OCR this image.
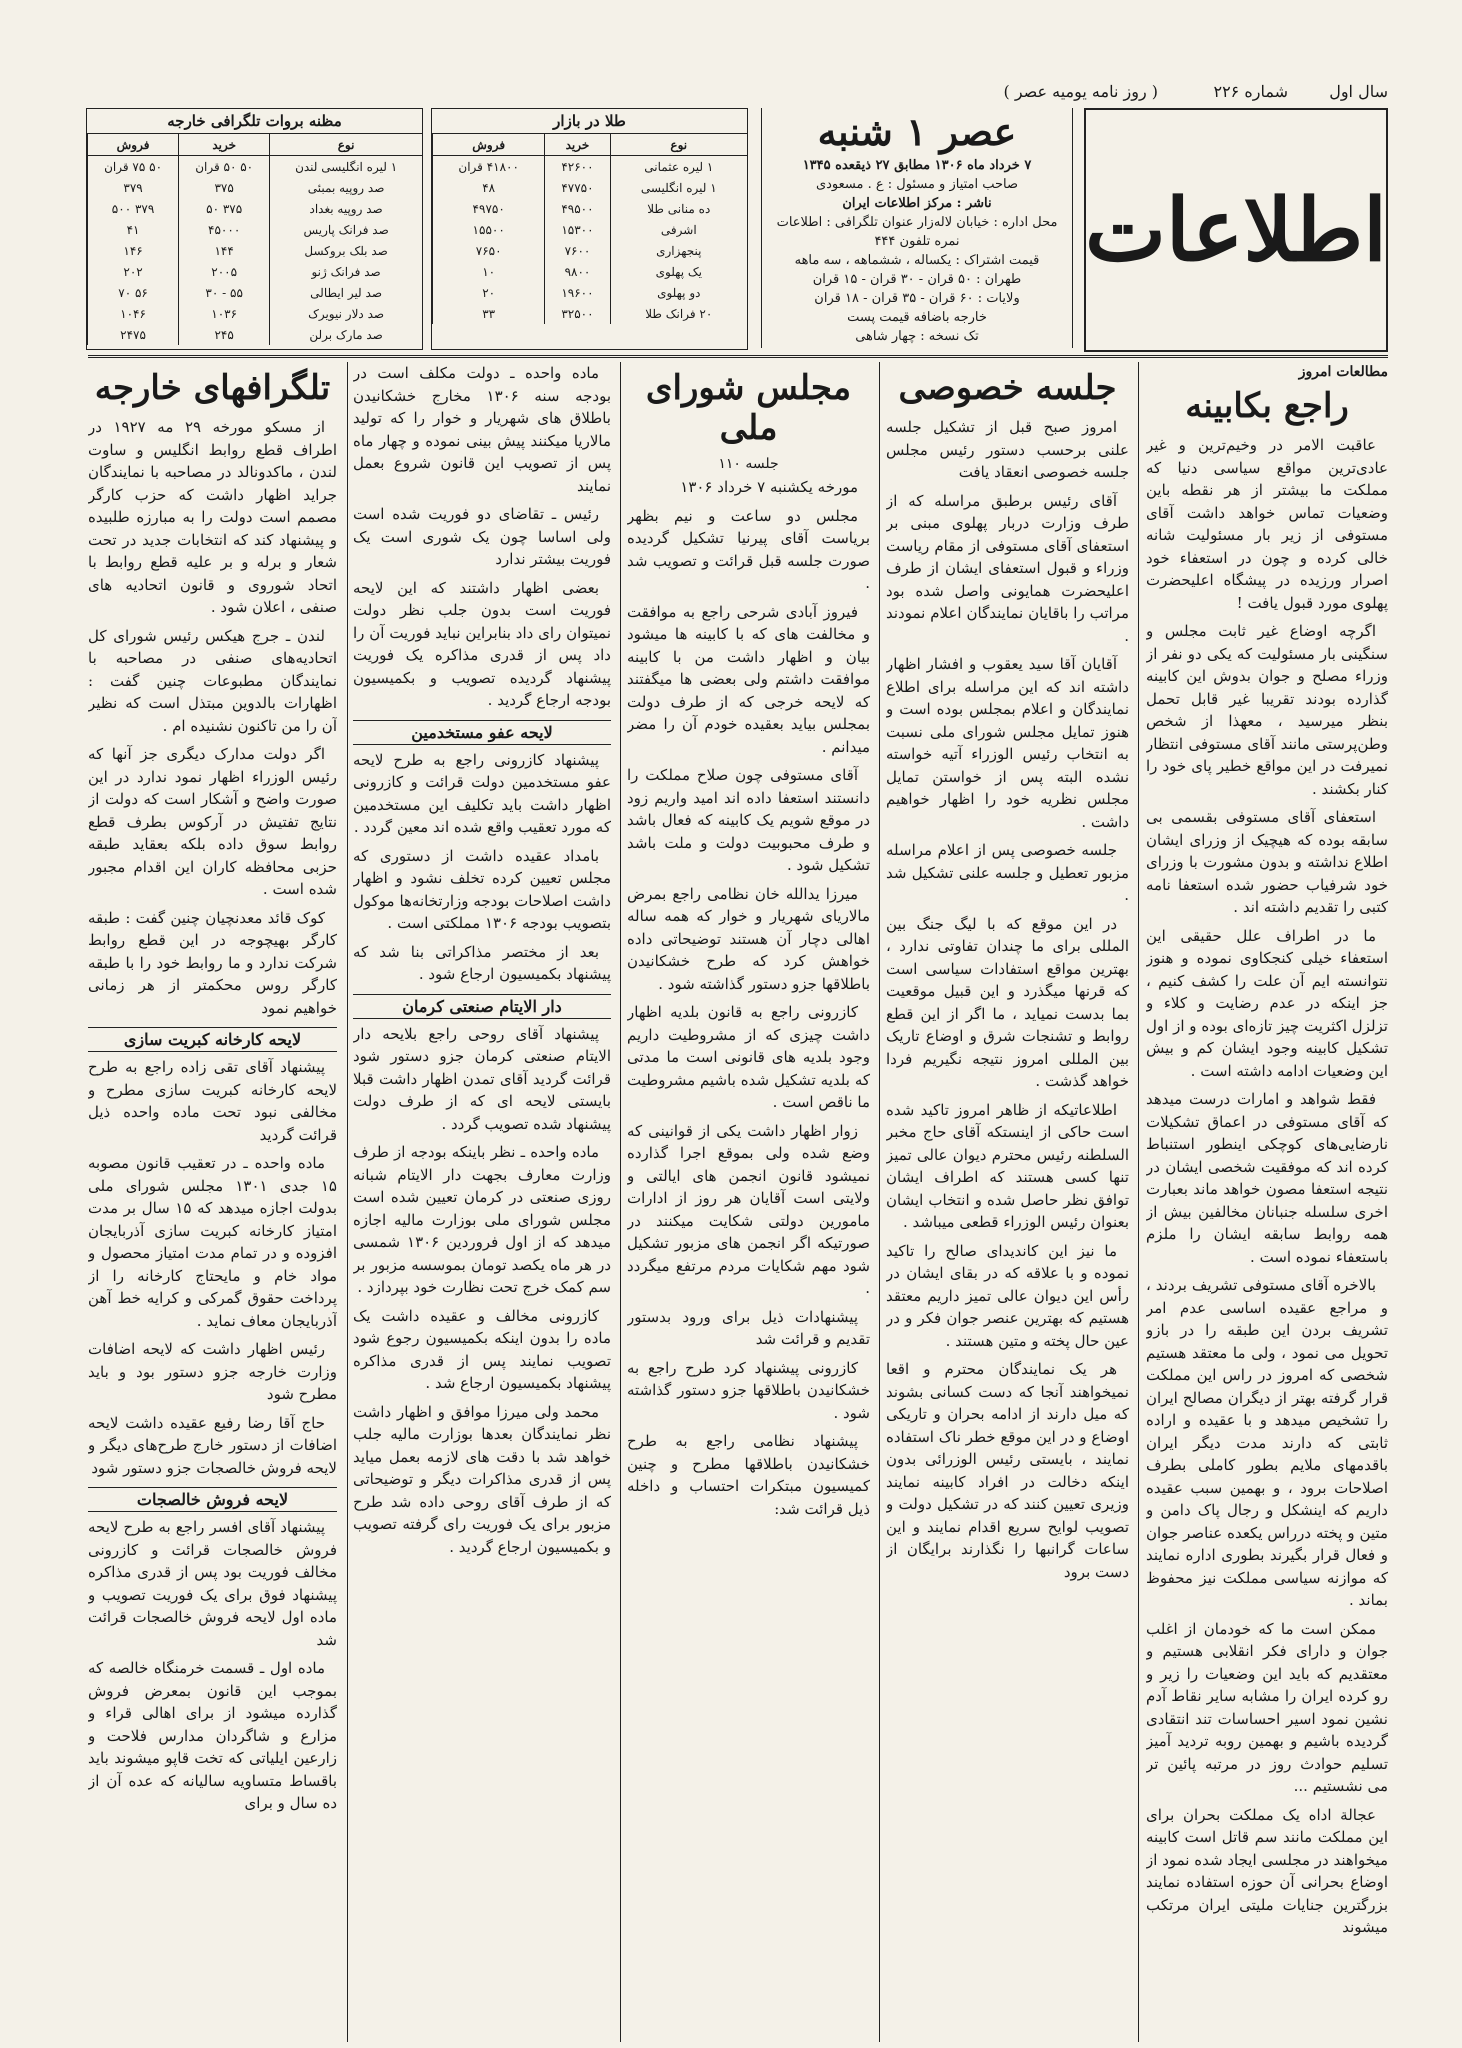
سال اول
شماره ۲۲۶
( روز نامه یومیه عصر )
اطلاعات
عصر ۱ شنبه
۷ خرداد ماه ۱۳۰۶ مطابق ۲۷ ذیقعده ۱۳۴۵
صاحب امتیاز و مسئول : ع . مسعودی
ناشر : مرکز اطلاعات ایران
محل اداره : خیابان لاله‌زار عنوان تلگرافی : اطلاعات
نمره تلفون ۴۴۴
قیمت اشتراک : یکساله ، ششماهه ، سه ماهه
طهران : ۵۰ قران - ۳۰ قران - ۱۵ قران
ولایات : ۶۰ قران - ۳۵ قران - ۱۸ قران
خارجه باضافه قیمت پست
تک نسخه : چهار شاهی
طلا در بازار
نوع	خرید	فروش
۱ لیره عثمانی	۴۲۶۰۰	۴۱۸۰۰ قران
۱ لیره انگلیسی	۴۷۷۵۰	۴۸
ده منانی طلا	۴۹۵۰۰	۴۹۷۵۰
اشرفی	۱۵۳۰۰	۱۵۵۰۰
پنجهزاری	۷۶۰۰	۷۶۵۰
یک پهلوی	۹۸۰۰	۱۰
دو پهلوی	۱۹۶۰۰	۲۰
۲۰ فرانک طلا	۳۲۵۰۰	۳۳
مظنه بروات تلگرافی خارجه
نوع	خرید	فروش
۱ لیره انگلیسی لندن	۵۰ ۵۰ قران	۵۰ ۷۵ قران
صد روپیه بمبئی	۳۷۵	۳۷۹
صد روپیه بغداد	۳۷۵ ۵۰	۳۷۹ ۵۰۰
صد فرانک پاریس	۴۵۰۰۰	۴۱
صد بلک بروکسل	۱۴۴	۱۴۶
صد فرانک ژنو	۲۰۰۵	۲۰۲
صد لیر ایطالی	۵۵ - ۳۰	۵۶ ۷۰
صد دلار نیویرک	۱۰۳۶	۱۰۴۶
صد مارک برلن	۲۴۵	۲۴۷۵
مطالعات امروز
راجع بکابینه

عاقبت الامر در وخیم‌ترین و غیر عادی‌ترین مواقع سیاسی دنیا که مملکت ما بیشتر از هر نقطه باین وضعیات تماس خواهد داشت آقای مستوفی از زیر بار مسئولیت شانه خالی کرده و چون در استعفاء خود اصرار ورزیده در پیشگاه اعلیحضرت پهلوی مورد قبول یافت !

اگرچه اوضاع غیر ثابت مجلس و سنگینی بار مسئولیت که یکی دو نفر از وزراء مصلح و جوان بدوش این کابینه گذارده بودند تقریبا غیر قابل تحمل بنظر میرسید ، معهذا از شخص وطن‌پرستی مانند آقای مستوفی انتظار نمیرفت در این مواقع خطیر پای خود را کنار بکشند .

استعفای آقای مستوفی بقسمی بی سابقه بوده که هیچیک از وزرای ایشان اطلاع نداشته و بدون مشورت با وزرای خود شرفیاب حضور شده استعفا نامه کتبی را تقدیم داشته اند .

ما در اطراف علل حقیقی این استعفاء خیلی کنجکاوی نموده و هنوز نتوانسته ایم آن علت را کشف کنیم ، جز اینکه در عدم رضایت و کلاء و تزلزل اکثریت چیز تازه‌ای بوده و از اول تشکیل کابینه وجود ایشان کم و بیش این وضعیات ادامه داشته است .

فقط شواهد و امارات درست میدهد که آقای مستوفی در اعماق تشکیلات نارضایی‌های کوچکی اینطور استنباط کرده اند که موفقیت شخصی ایشان در نتیجه استعفا مصون خواهد ماند بعبارت اخری سلسله جنبانان مخالفین بیش از همه روابط سابقه ایشان را ملزم باستعفاء نموده است .

بالاخره آقای مستوفی تشریف بردند ، و مراجع عقیده اساسی عدم امر تشریف بردن این طبقه را در بازو تحویل می نمود ، ولی ما معتقد هستیم شخصی که امروز در راس این مملکت قرار گرفته بهتر از دیگران مصالح ایران را تشخیص میدهد و با عقیده و اراده ثابتی که دارند مدت دیگر ایران باقدمهای ملایم بطور کاملی بطرف اصلاحات برود ، و بهمین سبب عقیده داریم که اینشکل و رجال پاک دامن و متین و پخته درراس یکعده عناصر جوان و فعال قرار بگیرند بطوری اداره نمایند که موازنه سیاسی مملکت نیز محفوظ بماند .

ممکن است ما که خودمان از اغلب جوان و دارای فکر انقلابی هستیم و معتقدیم که باید این وضعیات را زیر و رو کرده ایران را مشابه سایر نقاط آدم نشین نمود اسیر احساسات تند انتقادی گردیده باشیم و بهمین روبه تردید آمیز تسلیم حوادث روز در مرتبه پائین تر می نشستیم ...

عجالة اداه یک مملکت بحران برای این مملکت مانند سم قاتل است کابینه میخواهند در مجلسی ایجاد شده نمود از اوضاع بحرانی آن حوزه استفاده نمایند بزرگترین جنایات ملیتی ایران مرتکب میشوند

جلسه خصوصی

امروز صبح قبل از تشکیل جلسه علنی برحسب دستور رئیس مجلس جلسه خصوصی انعقاد یافت

آقای رئیس برطبق مراسله که از طرف وزارت دربار پهلوی مبنی بر استعفای آقای مستوفی از مقام ریاست وزراء و قبول استعفای ایشان از طرف اعلیحضرت همایونی واصل شده بود مراتب را باقایان نمایندگان اعلام نمودند .

آقایان آقا سید یعقوب و افشار اظهار داشته اند که این مراسله برای اطلاع نمایندگان و اعلام بمجلس بوده است و هنوز تمایل مجلس شورای ملی نسبت به انتخاب رئیس الوزراء آتیه خواسته نشده البته پس از خواستن تمایل مجلس نظریه خود را اظهار خواهیم داشت .

جلسه خصوصی پس از اعلام مراسله مزبور تعطیل و جلسه علنی تشکیل شد .

در این موقع که با لیگ جنگ بین المللی برای ما چندان تفاوتی ندارد ، بهترین مواقع استفادات سیاسی است که قرنها میگذرد و این قبیل موقعیت بما بدست نمیاید ، ما اگر از این قطع روابط و تشنجات شرق و اوضاع تاریک بین المللی امروز نتیجه نگیریم فردا خواهد گذشت .

اطلاعاتیکه از ظاهر امروز تاکید شده است حاکی از اینستکه آقای حاج مخبر السلطنه رئیس محترم دیوان عالی تمیز تنها کسی هستند که اطراف ایشان توافق نظر حاصل شده و انتخاب ایشان بعنوان رئیس الوزراء قطعی میباشد .

ما نیز این کاندیدای صالح را تاکید نموده و با علاقه که در بقای ایشان در رأس این دیوان عالی تمیز داریم معتقد هستیم که بهترین عنصر جوان فکر و در عین حال پخته و متین هستند .

هر یک نمایندگان محترم و اقعا نمیخواهند آنجا که دست کسانی بشوند که میل دارند از ادامه بحران و تاریکی اوضاع و در این موقع خطر ناک استفاده نمایند ، بایستی رئیس الوزرائی بدون اینکه دخالت در افراد کابینه نمایند وزیری تعیین کنند که در تشکیل دولت و تصویب لوایح سریع اقدام نمایند و این ساعات گرانبها را نگذارند برایگان از دست برود

مجلس شورای ملی
جلسه ۱۱۰

مورخه یکشنبه ۷ خرداد ۱۳۰۶

مجلس دو ساعت و نیم بظهر بریاست آقای پیرنیا تشکیل گردیده صورت جلسه قبل قرائت و تصویب شد .

فیروز آبادی شرحی راجع به موافقت و مخالفت های که با کابینه ها میشود بیان و اظهار داشت من با کابینه موافقت داشتم ولی بعضی ها میگفتند که لایحه خرجی که از طرف دولت بمجلس بیاید بعقیده خودم آن را مضر میدانم .

آقای مستوفی چون صلاح مملکت را دانستند استعفا داده اند امید واریم زود در موقع شویم یک کابینه که فعال باشد و طرف محبوبیت دولت و ملت باشد تشکیل شود .

میرزا یدالله خان نظامی راجع بمرض مالاریای شهریار و خوار که همه ساله اهالی دچار آن هستند توضیحاتی داده خواهش کرد که طرح خشکانیدن باطلاقها جزو دستور گذاشته شود .

کازرونی راجع به قانون بلدیه اظهار داشت چیزی که از مشروطیت داریم وجود بلدیه های قانونی است ما مدتی که بلدیه تشکیل شده باشیم مشروطیت ما ناقص است .

زوار اظهار داشت یکی از قوانینی که وضع شده ولی بموقع اجرا گذارده نمیشود قانون انجمن های ایالتی و ولایتی است آقایان هر روز از ادارات مامورین دولتی شکایت میکنند در صورتیکه اگر انجمن های مزبور تشکیل شود مهم شکایات مردم مرتفع میگردد .

پیشنهادات ذیل برای ورود بدستور تقدیم و قرائت شد

کازرونی پیشنهاد کرد طرح راجع به خشکانیدن باطلاقها جزو دستور گذاشته شود .

پیشنهاد نظامی راجع به طرح خشکانیدن باطلاقها مطرح و چنین کمیسیون مبتکرات احتساب و داخله ذیل قرائت شد:

ماده واحده ـ دولت مکلف است در بودجه سنه ۱۳۰۶ مخارج خشکانیدن باطلاق های شهریار و خوار را که تولید مالاریا میکنند پیش بینی نموده و چهار ماه پس از تصویب این قانون شروع بعمل نمایند

رئیس ـ تقاضای دو فوریت شده است ولی اساسا چون یک شوری است یک فوریت بیشتر ندارد

بعضی اظهار داشتند که این لایحه فوریت است بدون جلب نظر دولت نمیتوان رای داد بنابراین نباید فوریت آن را داد پس از قدری مذاکره یک فوریت پیشنهاد گردیده تصویب و بکمیسیون بودجه ارجاع گردید .

لایحه عفو مستخدمین

پیشنهاد کازرونی راجع به طرح لایحه عفو مستخدمین دولت قرائت و کازرونی اظهار داشت باید تکلیف این مستخدمین که مورد تعقیب واقع شده اند معین گردد .

بامداد عقیده داشت از دستوری که مجلس تعیین کرده تخلف نشود و اظهار داشت اصلاحات بودجه وزارتخانه‌ها موکول بتصویب بودجه ۱۳۰۶ مملکتی است .

بعد از مختصر مذاکراتی بنا شد که پیشنهاد بکمیسیون ارجاع شود .

دار الایتام صنعتی کرمان

پیشنهاد آقای روحی راجع بلایحه دار الایتام صنعتی کرمان جزو دستور شود قرائت گردید آقای تمدن اظهار داشت قبلا بایستی لایحه ای که از طرف دولت پیشنهاد شده تصویب گردد .

ماده واحده ـ نظر باینکه بودجه از طرف وزارت معارف بجهت دار الایتام شبانه روزی صنعتی در کرمان تعیین شده است مجلس شورای ملی بوزارت مالیه اجازه میدهد که از اول فروردین ۱۳۰۶ شمسی در هر ماه یکصد تومان بموسسه مزبور بر سم کمک خرج تحت نظارت خود بپردازد .

کازرونی مخالف و عقیده داشت یک ماده را بدون اینکه بکمیسیون رجوع شود تصویب نمایند پس از قدری مذاکره پیشنهاد بکمیسیون ارجاع شد .

محمد ولی میرزا موافق و اظهار داشت نظر نمایندگان بعدها بوزارت مالیه جلب خواهد شد با دقت های لازمه بعمل میاید پس از قدری مذاکرات دیگر و توضیحاتی که از طرف آقای روحی داده شد طرح مزبور برای یک فوریت رای گرفته تصویب و بکمیسیون ارجاع گردید .

تلگرافهای خارجه

از مسکو مورخه ۲۹ مه ۱۹۲۷ در اطراف قطع روابط انگلیس و ساوت لندن ، ماکدونالد در مصاحبه با نمایندگان جراید اظهار داشت که حزب کارگر مصمم است دولت را به مبارزه طلبیده و پیشنهاد کند که انتخابات جدید در تحت شعار و برله و بر علیه قطع روابط با اتحاد شوروی و قانون اتحادیه های صنفی ، اعلان شود .

لندن ـ جرج هیکس رئیس شورای کل اتحادیه‌های صنفی در مصاحبه با نمایندگان مطبوعات چنین گفت : اظهارات بالدوین مبتذل است که نظیر آن را من تاکنون نشنیده ام .

اگر دولت مدارک دیگری جز آنها که رئیس الوزراء اظهار نمود ندارد در این صورت واضح و آشکار است که دولت از نتایج تفتیش در آرکوس بطرف قطع روابط سوق داده بلکه بعقاید طبقه حزبی محافظه کاران این اقدام مجبور شده است .

کوک قائد معدنچیان چنین گفت : طبقه کارگر بهیچوجه در این قطع روابط شرکت ندارد و ما روابط خود را با طبقه کارگر روس محکمتر از هر زمانی خواهیم نمود

لایحه کارخانه کبریت سازی

پیشنهاد آقای تقی زاده راجع به طرح لایحه کارخانه کبریت سازی مطرح و مخالفی نبود تحت ماده واحده ذیل قرائت گردید

ماده واحده ـ در تعقیب قانون مصوبه ۱۵ جدی ۱۳۰۱ مجلس شورای ملی بدولت اجازه میدهد که ۱۵ سال بر مدت امتیاز کارخانه کبریت سازی آذربایجان افزوده و در تمام مدت امتیاز محصول و مواد خام و مایحتاج کارخانه را از پرداخت حقوق گمرکی و کرایه خط آهن آذربایجان معاف نماید .

رئیس اظهار داشت که لایحه اضافات وزارت خارجه جزو دستور بود و باید مطرح شود

حاج آقا رضا رفیع عقیده داشت لایحه اضافات از دستور خارج طرح‌های دیگر و لایحه فروش خالصجات جزو دستور شود

لایحه فروش خالصجات

پیشنهاد آقای افسر راجع به طرح لایحه فروش خالصجات قرائت و کازرونی مخالف فوریت بود پس از قدری مذاکره پیشنهاد فوق برای یک فوریت تصویب و ماده اول لایحه فروش خالصجات قرائت شد

ماده اول ـ قسمت خرمنگاه خالصه که بموجب این قانون بمعرض فروش گذارده میشود از برای اهالی قراء و مزارع و شاگردان مدارس فلاحت و زارعین ایلیاتی که تخت قاپو میشوند باید باقساط متساویه سالیانه که عده آن از ده سال و برای
